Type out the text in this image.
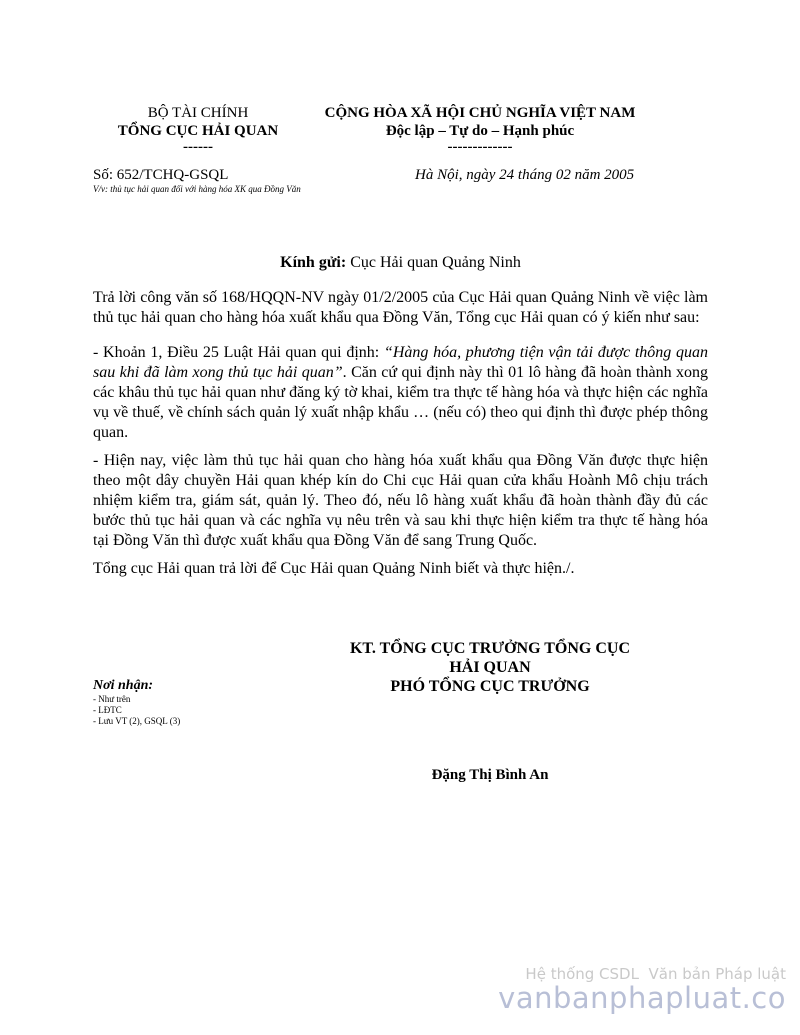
BỘ TÀI CHÍNH
TỔNG CỤC HẢI QUAN
------
CỘNG HÒA XÃ HỘI CHỦ NGHĨA VIỆT NAM
Độc lập – Tự do – Hạnh phúc
-------------
Số: 652/TCHQ-GSQL
V/v: thủ tục hải quan đối với hàng hóa XK qua Đồng Văn
Hà Nội, ngày 24 tháng 02 năm 2005
Kính gửi: Cục Hải quan Quảng Ninh
Trả lời công văn số 168/HQQN-NV ngày 01/2/2005 của Cục Hải quan Quảng Ninh về việc làm thủ tục hải quan cho hàng hóa xuất khẩu qua Đồng Văn, Tổng cục Hải quan có ý kiến như sau:
- Khoản 1, Điều 25 Luật Hải quan qui định: “Hàng hóa, phương tiện vận tải được thông quan sau khi đã làm xong thủ tục hải quan”. Căn cứ qui định này thì 01 lô hàng đã hoàn thành xong các khâu thủ tục hải quan như đăng ký tờ khai, kiểm tra thực tế hàng hóa và thực hiện các nghĩa vụ về thuế, về chính sách quản lý xuất nhập khẩu … (nếu có) theo qui định thì được phép thông quan.
- Hiện nay, việc làm thủ tục hải quan cho hàng hóa xuất khẩu qua Đồng Văn được thực hiện theo một dây chuyền Hải quan khép kín do Chi cục Hải quan cửa khẩu Hoành Mô chịu trách nhiệm kiểm tra, giám sát, quản lý. Theo đó, nếu lô hàng xuất khẩu đã hoàn thành đầy đủ các bước thủ tục hải quan và các nghĩa vụ nêu trên và sau khi thực hiện kiểm tra thực tế hàng hóa tại Đồng Văn thì được xuất khẩu qua Đồng Văn để sang Trung Quốc.
Tổng cục Hải quan trả lời để Cục Hải quan Quảng Ninh biết và thực hiện./.
KT. TỔNG CỤC TRƯỞNG TỔNG CỤC
HẢI QUAN
PHÓ TỔNG CỤC TRƯỞNG
Đặng Thị Bình An
Nơi nhận:
- Như trên
- LĐTC
- Lưu VT (2), GSQL (3)
Hệ thống CSDL  Văn bản Pháp luật
vanbanphapluat.co
